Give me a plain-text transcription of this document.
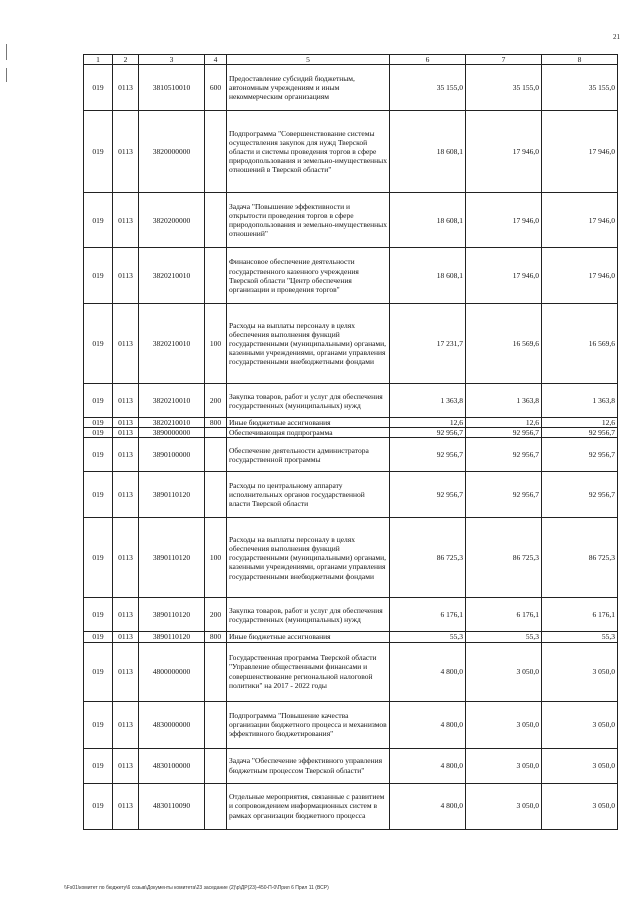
21
1	2	3	4	5	6	7	8
019	0113	3810510010	600	Предоставление субсидий бюджетным, автономным учреждениям и иным некоммерческим организациям	35 155,0	35 155,0	35 155,0
019	0113	3820000000		Подпрограмма "Совершенствование системы осуществления закупок для нужд Тверской области и системы проведения торгов в сфере природопользования и земельно-имущественных отношений в Тверской области"	18 608,1	17 946,0	17 946,0
019	0113	3820200000		Задача "Повышение эффективности и открытости проведения торгов в сфере природопользования и земельно-имущественных отношений"	18 608,1	17 946,0	17 946,0
019	0113	3820210010		Финансовое обеспечение деятельности государственного казенного учреждения Тверской области "Центр обеспечения организации и проведения торгов"	18 608,1	17 946,0	17 946,0
019	0113	3820210010	100	Расходы на выплаты персоналу в целях обеспечения выполнения функций государственными (муниципальными) органами, казенными учреждениями, органами управления государственными внебюджетными фондами	17 231,7	16 569,6	16 569,6
019	0113	3820210010	200	Закупка товаров, работ и услуг для обеспечения государственных (муниципальных) нужд	1 363,8	1 363,8	1 363,8
019	0113	3820210010	800	Иные бюджетные ассигнования	12,6	12,6	12,6
019	0113	3890000000		Обеспечивающая подпрограмма	92 956,7	92 956,7	92 956,7
019	0113	3890100000		Обеспечение деятельности администратора государственной программы	92 956,7	92 956,7	92 956,7
019	0113	3890110120		Расходы по центральному аппарату исполнительных органов государственной власти Тверской области	92 956,7	92 956,7	92 956,7
019	0113	3890110120	100	Расходы на выплаты персоналу в целях обеспечения выполнения функций государственными (муниципальными) органами, казенными учреждениями, органами управления государственными внебюджетными фондами	86 725,3	86 725,3	86 725,3
019	0113	3890110120	200	Закупка товаров, работ и услуг для обеспечения государственных (муниципальных) нужд	6 176,1	6 176,1	6 176,1
019	0113	3890110120	800	Иные бюджетные ассигнования	55,3	55,3	55,3
019	0113	4800000000		Государственная программа Тверской области "Управление общественными финансами и совершенствование региональной налоговой политики" на 2017 - 2022 годы	4 800,0	3 050,0	3 050,0
019	0113	4830000000		Подпрограмма "Повышение качества организации бюджетного процесса и механизмов эффективного бюджетирования"	4 800,0	3 050,0	3 050,0
019	0113	4830100000		Задача "Обеспечение эффективного управления бюджетным процессом Тверской области"	4 800,0	3 050,0	3 050,0
019	0113	4830110090		Отдельные мероприятия, связанные с развитием и сопровождением информационных систем в рамках организации бюджетного процесса	4 800,0	3 050,0	3 050,0
\\Fs01\комитет по бюджету\6 созыв\Документы комитета\23 заседание (2)\р\ДР(23)-450-П-0\Прил 6 Прил 11 (ВСР)
